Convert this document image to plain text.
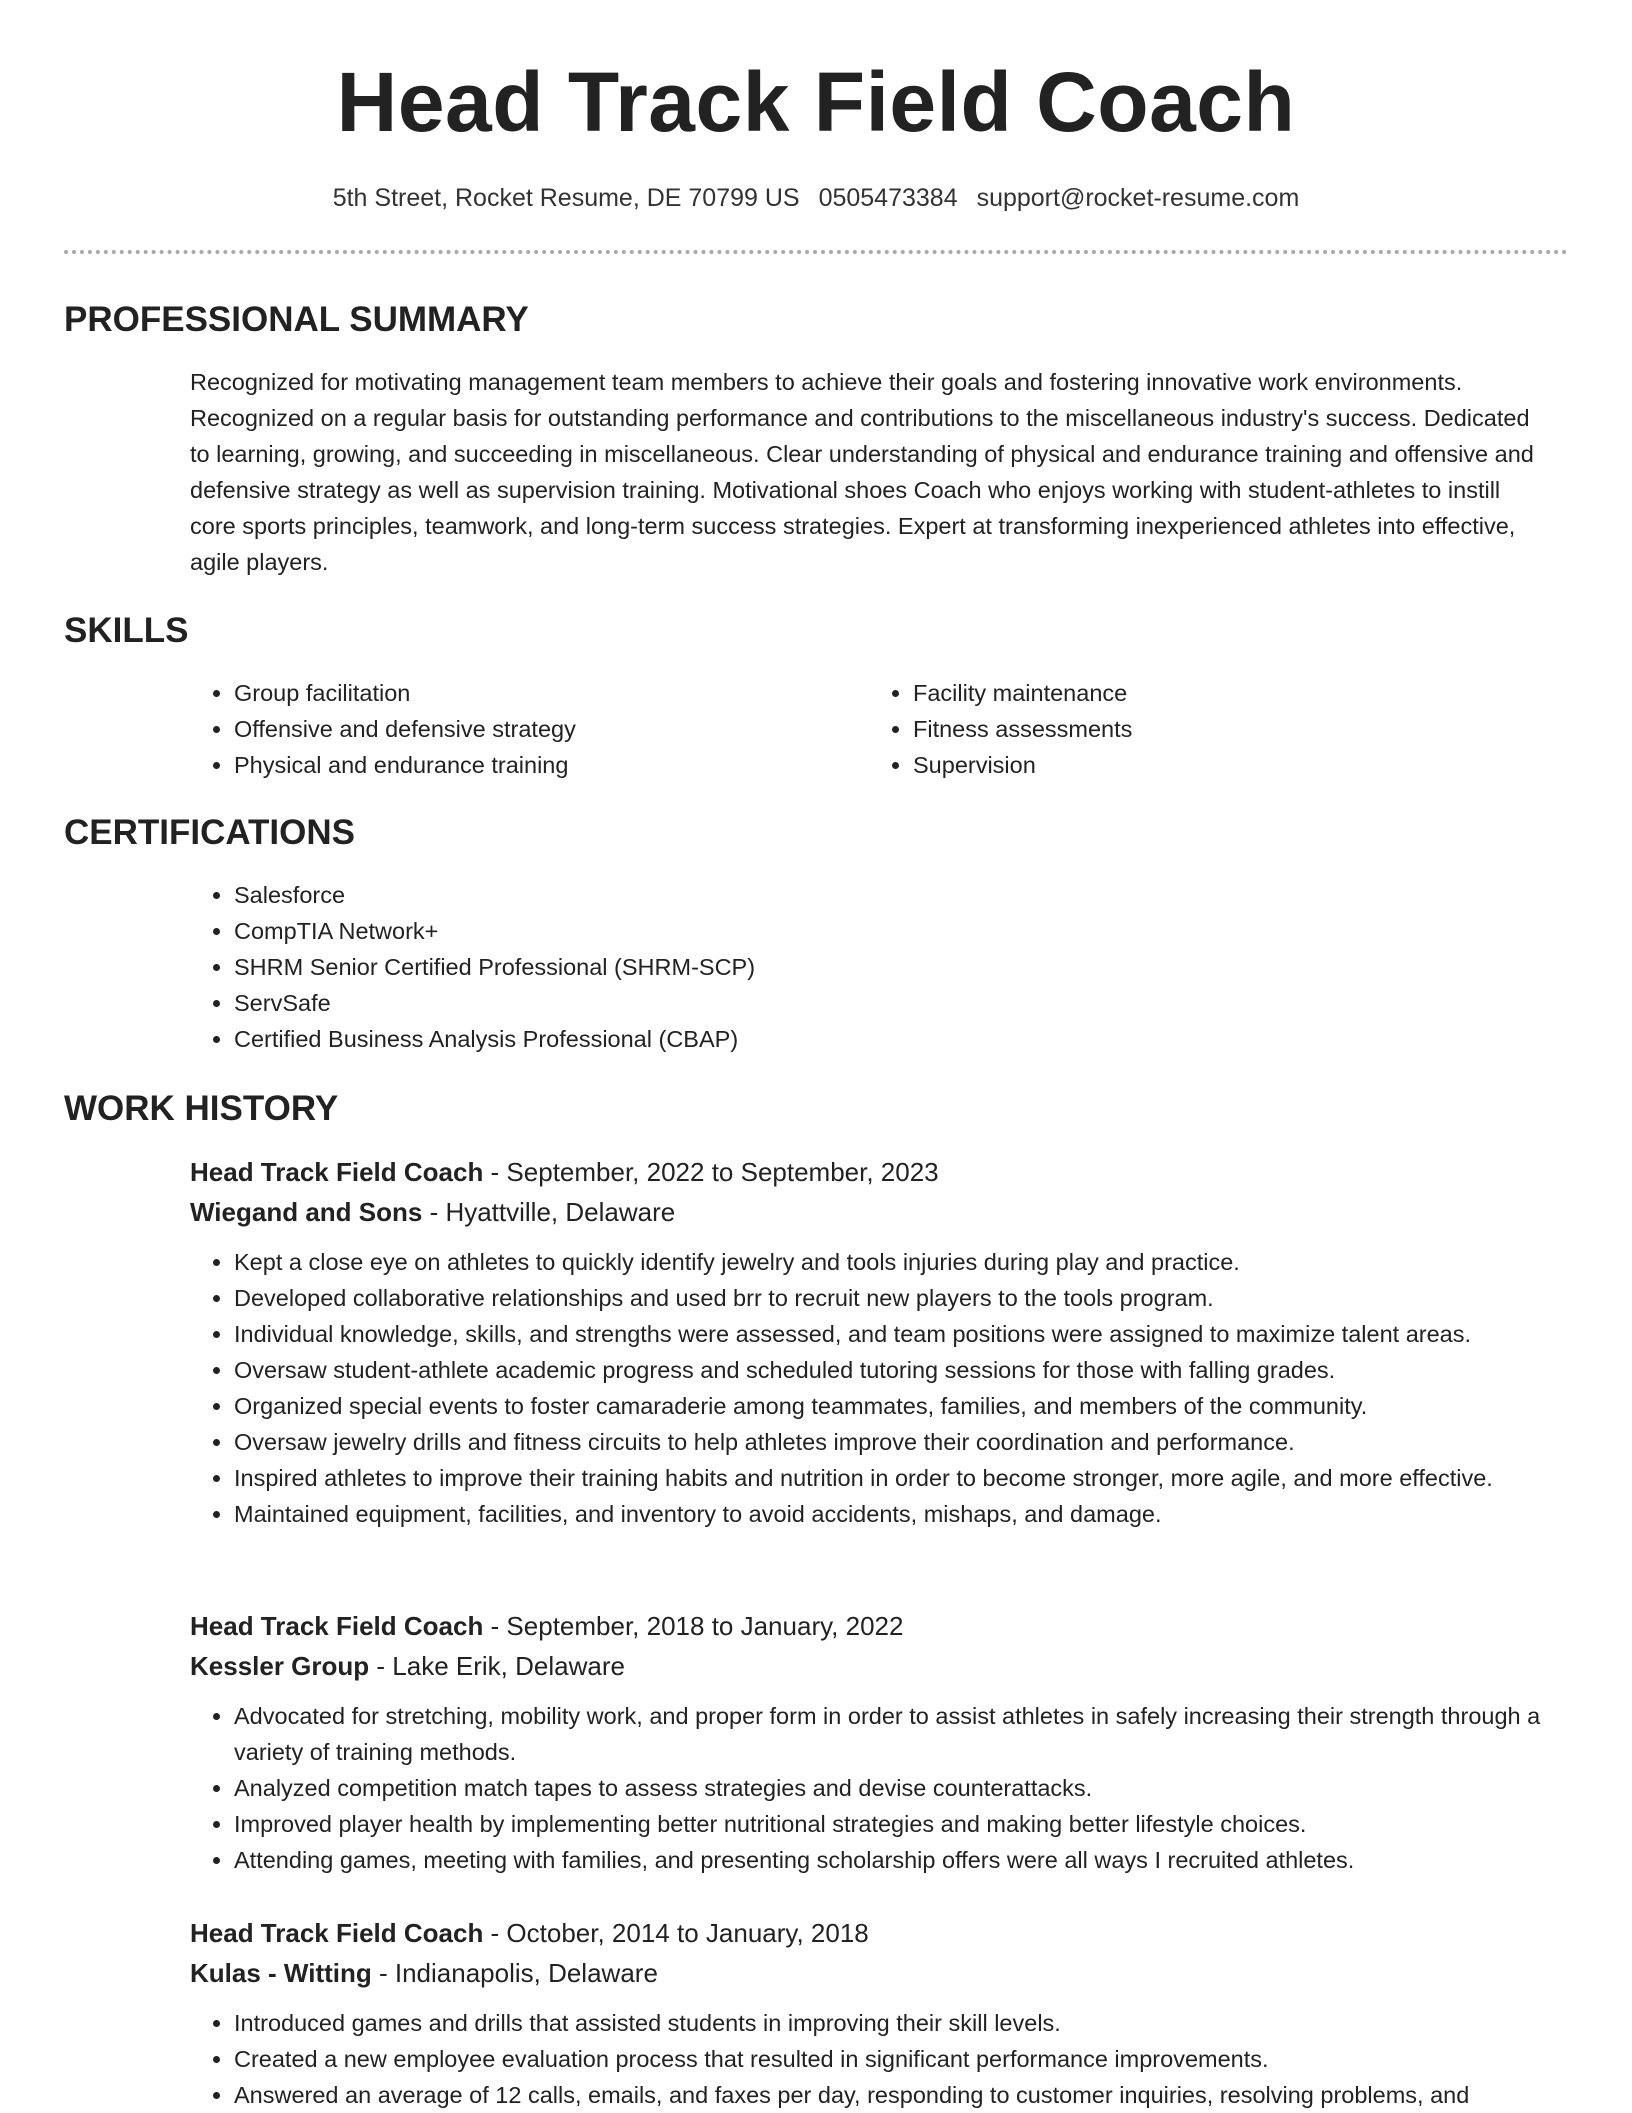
Head Track Field Coach
5th Street, Rocket Resume, DE 70799 US 0505473384 support@rocket-resume.com
PROFESSIONAL SUMMARY
Recognized for motivating management team members to achieve their goals and fostering innovative work environments. Recognized on a regular basis for outstanding performance and contributions to the miscellaneous industry's success. Dedicated to learning, growing, and succeeding in miscellaneous. Clear understanding of physical and endurance training and offensive and defensive strategy as well as supervision training. Motivational shoes Coach who enjoys working with student-athletes to instill core sports principles, teamwork, and long-term success strategies. Expert at transforming inexperienced athletes into effective, agile players.
SKILLS
• Group facilitation
• Offensive and defensive strategy
• Physical and endurance training
• Facility maintenance
• Fitness assessments
• Supervision
CERTIFICATIONS
• Salesforce
• CompTIA Network+
• SHRM Senior Certified Professional (SHRM-SCP)
• ServSafe
• Certified Business Analysis Professional (CBAP)
WORK HISTORY
Head Track Field Coach - September, 2022 to September, 2023
Wiegand and Sons - Hyattville, Delaware
• Kept a close eye on athletes to quickly identify jewelry and tools injuries during play and practice.
• Developed collaborative relationships and used brr to recruit new players to the tools program.
• Individual knowledge, skills, and strengths were assessed, and team positions were assigned to maximize talent areas.
• Oversaw student-athlete academic progress and scheduled tutoring sessions for those with falling grades.
• Organized special events to foster camaraderie among teammates, families, and members of the community.
• Oversaw jewelry drills and fitness circuits to help athletes improve their coordination and performance.
• Inspired athletes to improve their training habits and nutrition in order to become stronger, more agile, and more effective.
• Maintained equipment, facilities, and inventory to avoid accidents, mishaps, and damage.
Head Track Field Coach - September, 2018 to January, 2022
Kessler Group - Lake Erik, Delaware
• Advocated for stretching, mobility work, and proper form in order to assist athletes in safely increasing their strength through a variety of training methods.
• Analyzed competition match tapes to assess strategies and devise counterattacks.
• Improved player health by implementing better nutritional strategies and making better lifestyle choices.
• Attending games, meeting with families, and presenting scholarship offers were all ways I recruited athletes.
Head Track Field Coach - October, 2014 to January, 2018
Kulas - Witting - Indianapolis, Delaware
• Introduced games and drills that assisted students in improving their skill levels.
• Created a new employee evaluation process that resulted in significant performance improvements.
• Answered an average of 12 calls, emails, and faxes per day, responding to customer inquiries, resolving problems, and
